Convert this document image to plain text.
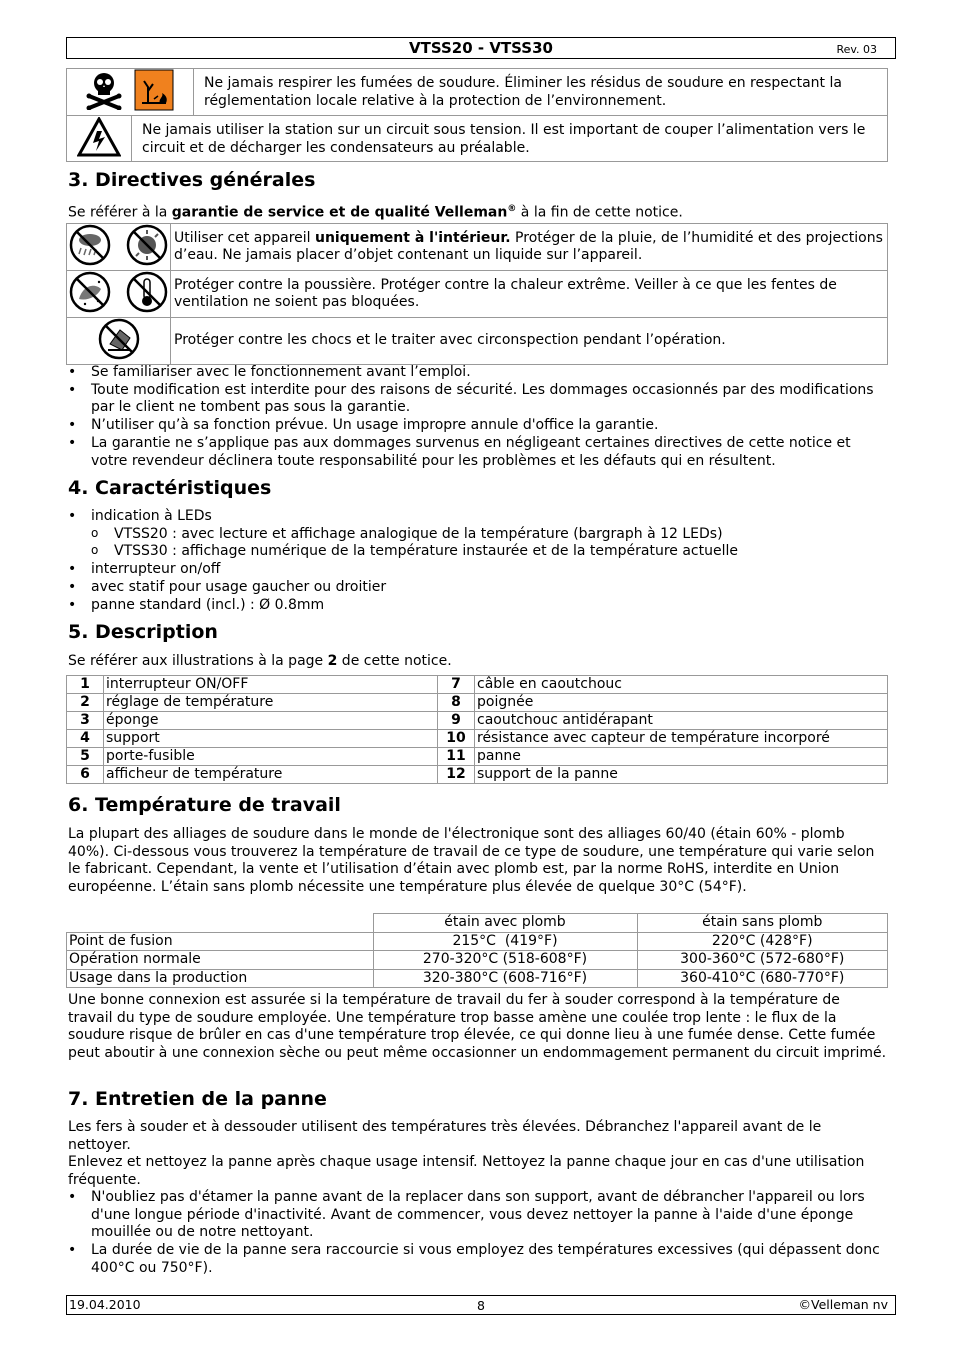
VTSS20 - VTSS30	Rev. 03
	Ne jamais respirer les fumées de soudure. Éliminer les résidus de soudure en respectant la réglementation locale relative à la protection de l’environnement.
	Ne jamais utiliser la station sur un circuit sous tension. Il est important de couper l’alimentation vers le circuit et de décharger les condensateurs au préalable.
3. Directives générales

Se référer à la garantie de service et de qualité Velleman® à la fin de cette notice.

	Utiliser cet appareil uniquement à l'intérieur. Protéger de la pluie, de l’humidité et des projections d’eau. Ne jamais placer d’objet contenant un liquide sur l’appareil.
	Protéger contre la poussière. Protéger contre la chaleur extrême. Veiller à ce que les fentes de ventilation ne soient pas bloquées.
	Protéger contre les chocs et le traiter avec circonspection pendant l’opération.
• Se familiariser avec le fonctionnement avant l’emploi.
• Toute modification est interdite pour des raisons de sécurité. Les dommages occasionnés par des modifications par le client ne tombent pas sous la garantie.
• N’utiliser qu’à sa fonction prévue. Un usage impropre annule d'office la garantie.
• La garantie ne s’applique pas aux dommages survenus en négligeant certaines directives de cette notice et votre revendeur déclinera toute responsabilité pour les problèmes et les défauts qui en résultent.
4. Caractéristiques
• indication à LEDs
o VTSS20 : avec lecture et affichage analogique de la température (bargraph à 12 LEDs)
o VTSS30 : affichage numérique de la température instaurée et de la température actuelle
• interrupteur on/off
• avec statif pour usage gaucher ou droitier
• panne standard (incl.) : Ø 0.8mm
5. Description

Se référer aux illustrations à la page 2 de cette notice.

1	interrupteur ON/OFF	7	câble en caoutchouc
2	réglage de température	8	poignée
3	éponge	9	caoutchouc antidérapant
4	support	10	résistance avec capteur de température incorporé
5	porte-fusible	11	panne
6	afficheur de température	12	support de la panne
6. Température de travail

La plupart des alliages de soudure dans le monde de l'électronique sont des alliages 60/40 (étain 60% - plomb 40%). Ci-dessous vous trouverez la température de travail de ce type de soudure, une température qui varie selon le fabricant. Cependant, la vente et l’utilisation d’étain avec plomb est, par la norme RoHS, interdite en Union européenne. L’étain sans plomb nécessite une température plus élevée de quelque 30°C (54°F).

	étain avec plomb	étain sans plomb
Point de fusion	215°C  (419°F)	220°C (428°F)
Opération normale	270-320°C (518-608°F)	300-360°C (572-680°F)
Usage dans la production	320-380°C (608-716°F)	360-410°C (680-770°F)

Une bonne connexion est assurée si la température de travail du fer à souder correspond à la température de travail du type de soudure employée. Une température trop basse amène une coulée trop lente : le flux de la soudure risque de brûler en cas d'une température trop élevée, ce qui donne lieu à une fumée dense. Cette fumée peut aboutir à une connexion sèche ou peut même occasionner un endommagement permanent du circuit imprimé.

7. Entretien de la panne

Les fers à souder et à dessouder utilisent des températures très élevées. Débranchez l'appareil avant de le nettoyer.

Enlevez et nettoyez la panne après chaque usage intensif. Nettoyez la panne chaque jour en cas d'une utilisation fréquente.

• N'oubliez pas d'étamer la panne avant de la replacer dans son support, avant de débrancher l'appareil ou lors d'une longue période d'inactivité. Avant de commencer, vous devez nettoyer la panne à l'aide d'une éponge mouillée ou de notre nettoyant.
• La durée de vie de la panne sera raccourcie si vous employez des températures excessives (qui dépassent donc 400°C ou 750°F).
19.04.2010	8	©Velleman nv
